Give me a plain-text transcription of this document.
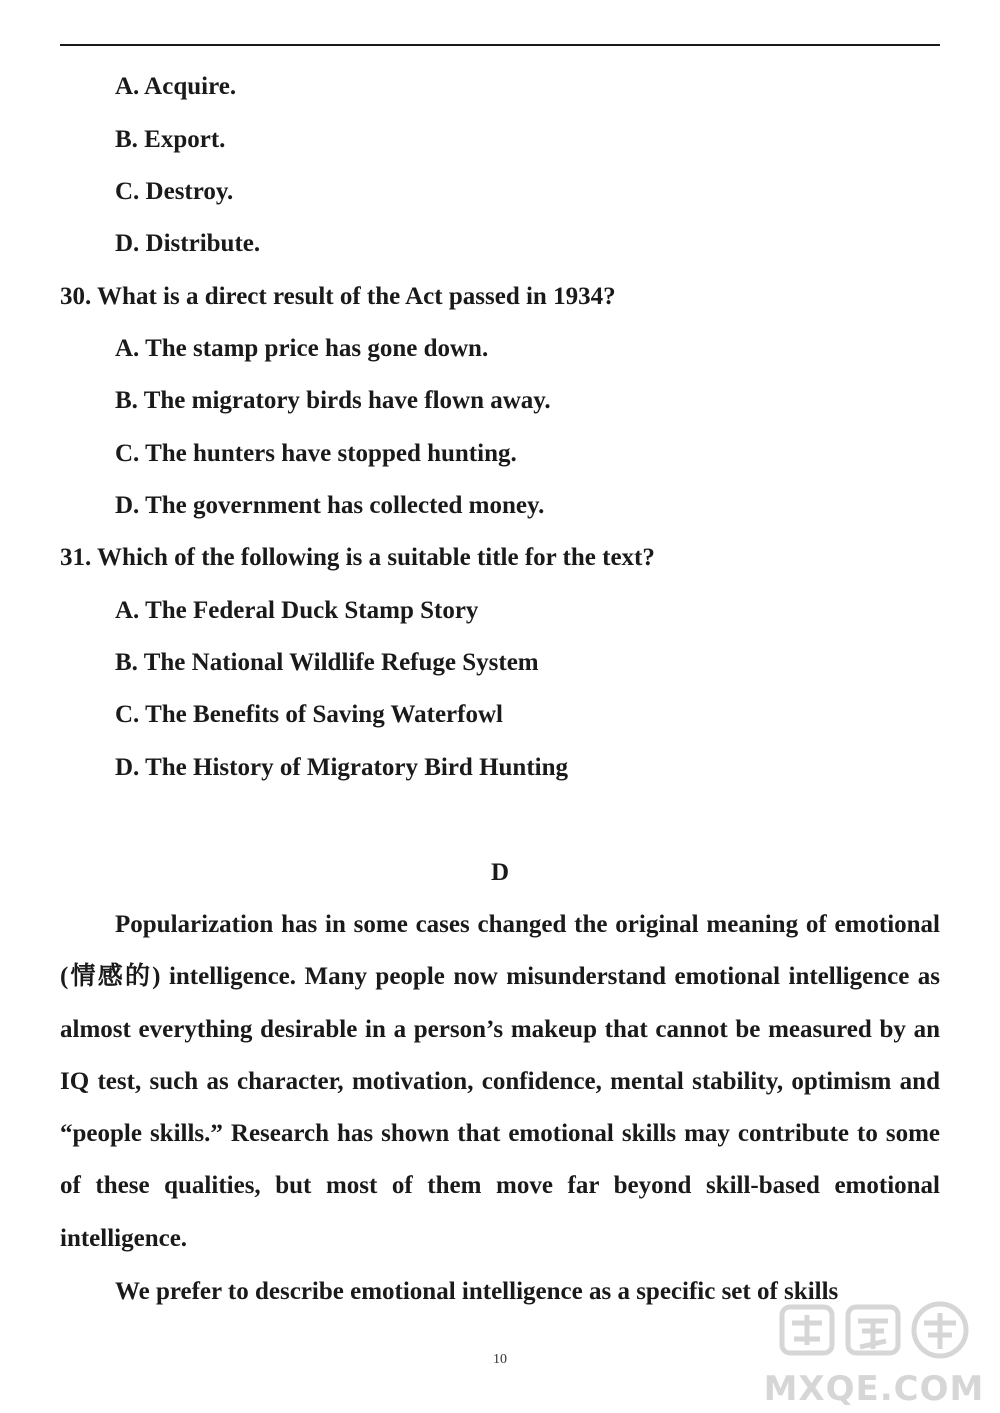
A. Acquire.

B. Export.

C. Destroy.

D. Distribute.

30. What is a direct result of the Act passed in 1934?

A. The stamp price has gone down.

B. The migratory birds have flown away.

C. The hunters have stopped hunting.

D. The government has collected money.

31. Which of the following is a suitable title for the text?

A. The Federal Duck Stamp Story

B. The National Wildlife Refuge System

C. The Benefits of Saving Waterfowl

D. The History of Migratory Bird Hunting

D

Popularization has in some cases changed the original meaning of emotional (情感的) intelligence. Many people now misunderstand emotional intelligence as almost everything desirable in a person’s makeup that cannot be measured by an IQ test, such as character, motivation, confidence, mental stability, optimism and “people skills.” Research has shown that emotional skills may contribute to some of these qualities, but most of them move far beyond skill-based emotional intelligence.

We prefer to describe emotional intelligence as a specific set of skills

10

MXQE.COM
